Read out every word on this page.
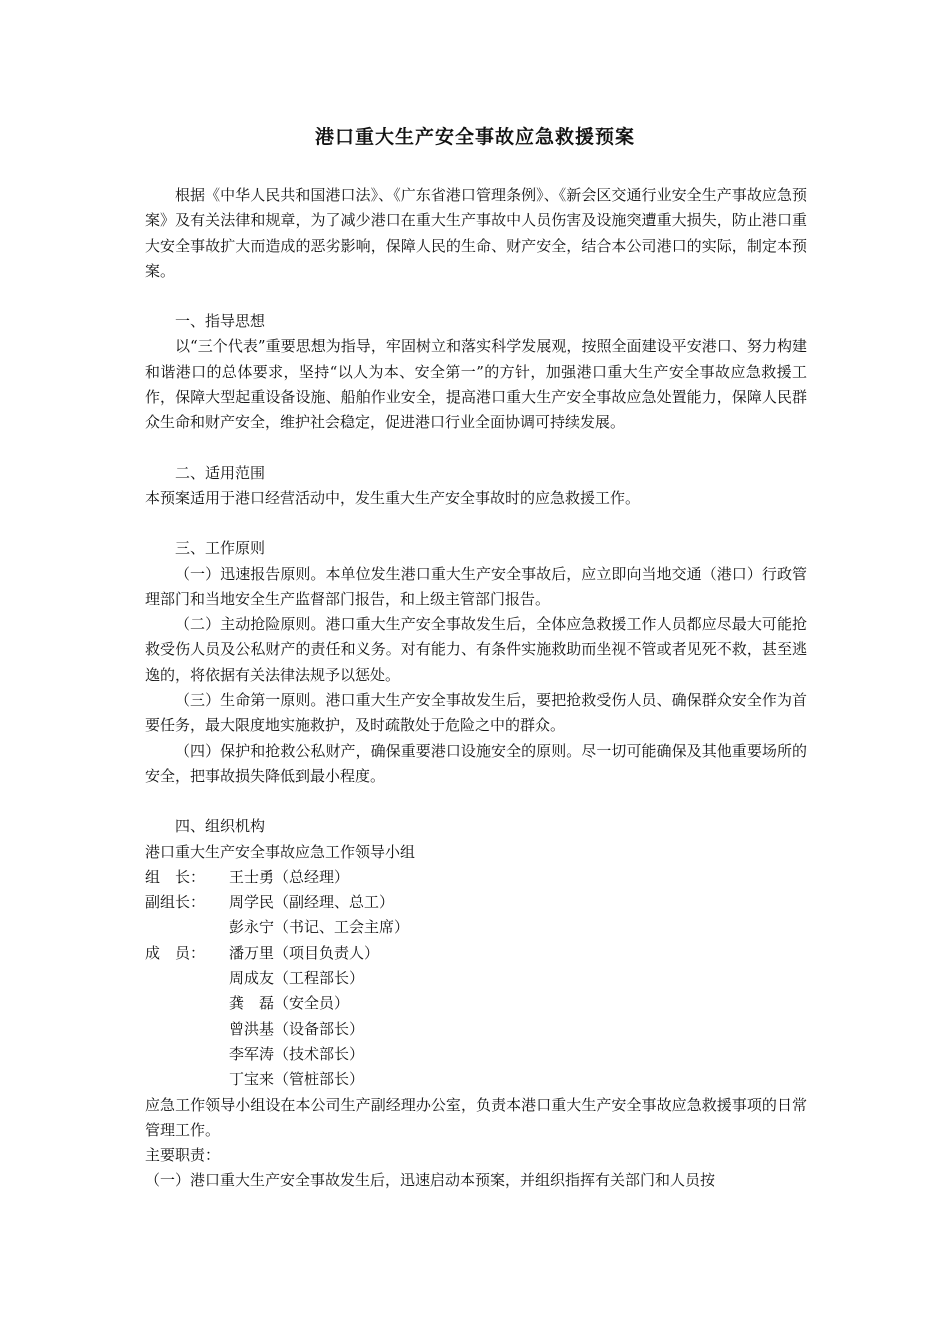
港口重大生产安全事故应急救援预案

根据《中华人民共和国港口法》、《广东省港口管理条例》、《新会区交通行业安全生产事故应急预案》及有关法律和规章，为了减少港口在重大生产事故中人员伤害及设施突遭重大损失，防止港口重大安全事故扩大而造成的恶劣影响，保障人民的生命、财产安全，结合本公司港口的实际，制定本预案。

一、指导思想

以“三个代表”重要思想为指导，牢固树立和落实科学发展观，按照全面建设平安港口、努力构建和谐港口的总体要求，坚持“以人为本、安全第一”的方针，加强港口重大生产安全事故应急救援工作，保障大型起重设备设施、船舶作业安全，提高港口重大生产安全事故应急处置能力，保障人民群众生命和财产安全，维护社会稳定，促进港口行业全面协调可持续发展。

二、适用范围

本预案适用于港口经营活动中，发生重大生产安全事故时的应急救援工作。

三、工作原则

（一）迅速报告原则。本单位发生港口重大生产安全事故后，应立即向当地交通（港口）行政管理部门和当地安全生产监督部门报告，和上级主管部门报告。

（二）主动抢险原则。港口重大生产安全事故发生后，全体应急救援工作人员都应尽最大可能抢救受伤人员及公私财产的责任和义务。对有能力、有条件实施救助而坐视不管或者见死不救，甚至逃逸的，将依据有关法律法规予以惩处。

（三）生命第一原则。港口重大生产安全事故发生后，要把抢救受伤人员、确保群众安全作为首要任务，最大限度地实施救护，及时疏散处于危险之中的群众。

（四）保护和抢救公私财产，确保重要港口设施安全的原则。尽一切可能确保及其他重要场所的安全，把事故损失降低到最小程度。

四、组织机构

港口重大生产安全事故应急工作领导小组

组　长：	王士勇（总经理）
副组长：	周学民（副经理、总工）
彭永宁（书记、工会主席）
成　员：	潘万里（项目负责人）
周成友（工程部长）
龚　磊（安全员）
曾洪基（设备部长）
李军涛（技术部长）
丁宝来（管桩部长）

应急工作领导小组设在本公司生产副经理办公室，负责本港口重大生产安全事故应急救援事项的日常管理工作。

主要职责：

（一）港口重大生产安全事故发生后，迅速启动本预案，并组织指挥有关部门和人员按
